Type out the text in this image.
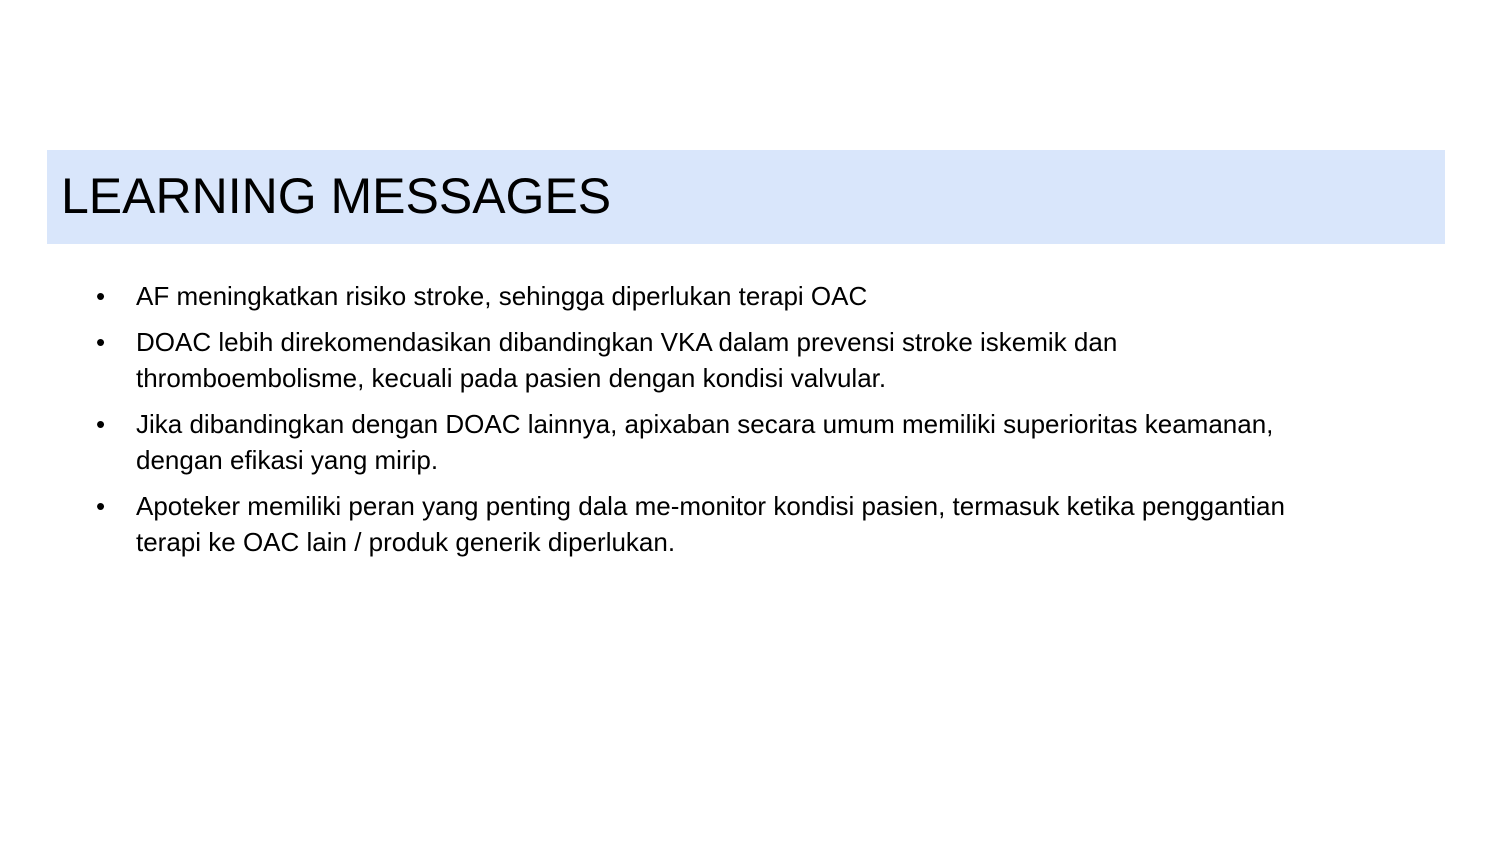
LEARNING MESSAGES
•	AF meningkatkan risiko stroke, sehingga diperlukan terapi OAC
•	DOAC lebih direkomendasikan dibandingkan VKA dalam prevensi stroke iskemik dan thromboembolisme, kecuali pada pasien dengan kondisi valvular.
•	Jika dibandingkan dengan DOAC lainnya, apixaban secara umum memiliki superioritas keamanan, dengan efikasi yang mirip.
•	Apoteker memiliki peran yang penting dala me-monitor kondisi pasien, termasuk ketika penggantian terapi ke OAC lain / produk generik diperlukan.
